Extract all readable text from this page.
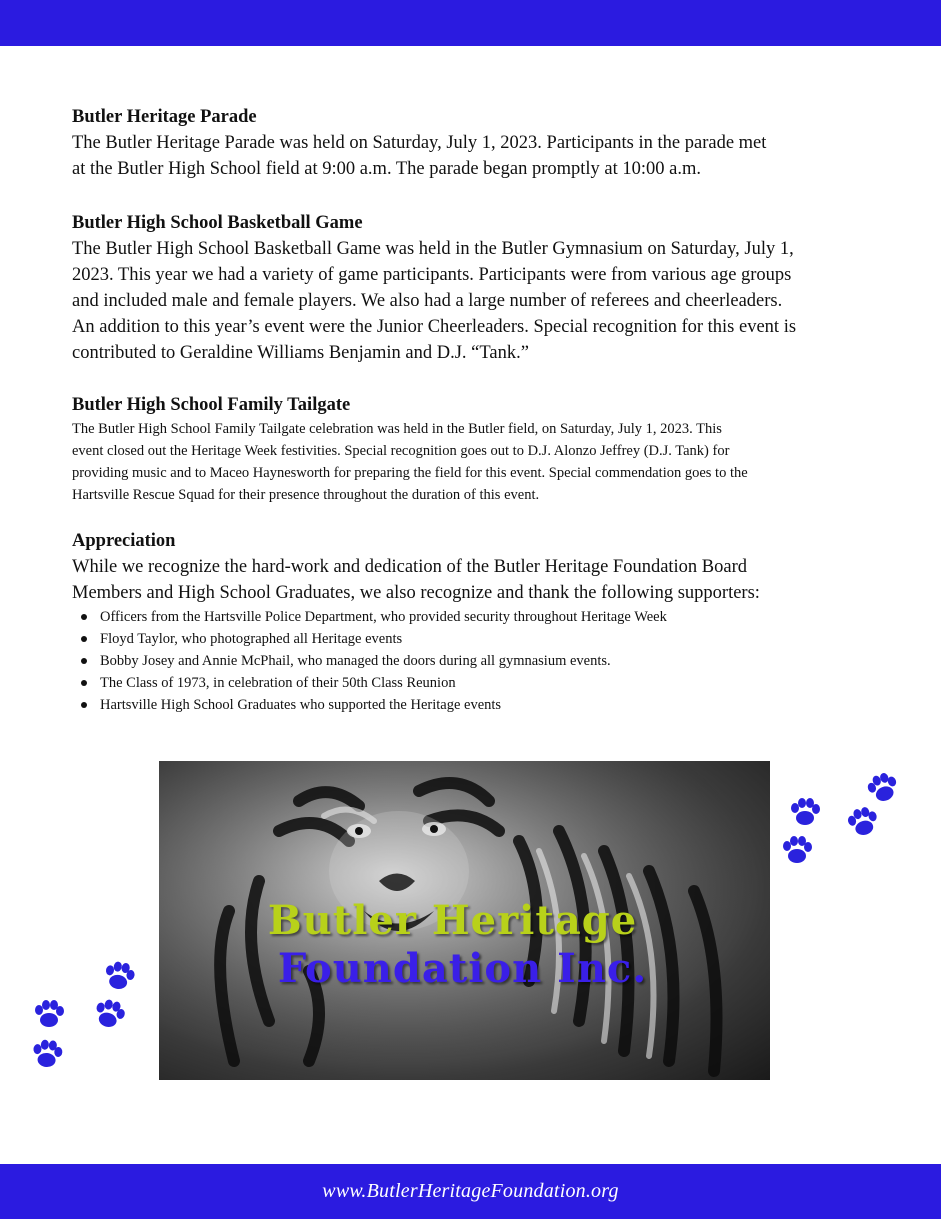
Butler Heritage Parade

The Butler Heritage Parade was held on Saturday, July 1, 2023. Participants in the parade met

at the Butler High School field at 9:00 a.m. The parade began promptly at 10:00 a.m.

Butler High School Basketball Game

The Butler High School Basketball Game was held in the Butler Gymnasium on Saturday, July 1,

2023. This year we had a variety of game participants. Participants were from various age groups

and included male and female players. We also had a large number of referees and cheerleaders.

An addition to this year’s event were the Junior Cheerleaders. Special recognition for this event is

contributed to Geraldine Williams Benjamin and D.J. “Tank.”

Butler High School Family Tailgate

The Butler High School Family Tailgate celebration was held in the Butler field, on Saturday, July 1, 2023. This

event closed out the Heritage Week festivities. Special recognition goes out to D.J. Alonzo Jeffrey (D.J. Tank) for

providing music and to Maceo Haynesworth for preparing the field for this event. Special commendation goes to the

Hartsville Rescue Squad for their presence throughout the duration of this event.

Appreciation

While we recognize the hard-work and dedication of the Butler Heritage Foundation Board

Members and High School Graduates, we also recognize and thank the following supporters:

Officers from the Hartsville Police Department, who provided security throughout Heritage Week
Floyd Taylor, who photographed all Heritage events
Bobby Josey and Annie McPhail, who managed the doors during all gymnasium events.
The Class of 1973, in celebration of their 50th Class Reunion
Hartsville High School Graduates who supported the Heritage events
Butler Heritage
Foundation Inc.
www.ButlerHeritageFoundation.org
